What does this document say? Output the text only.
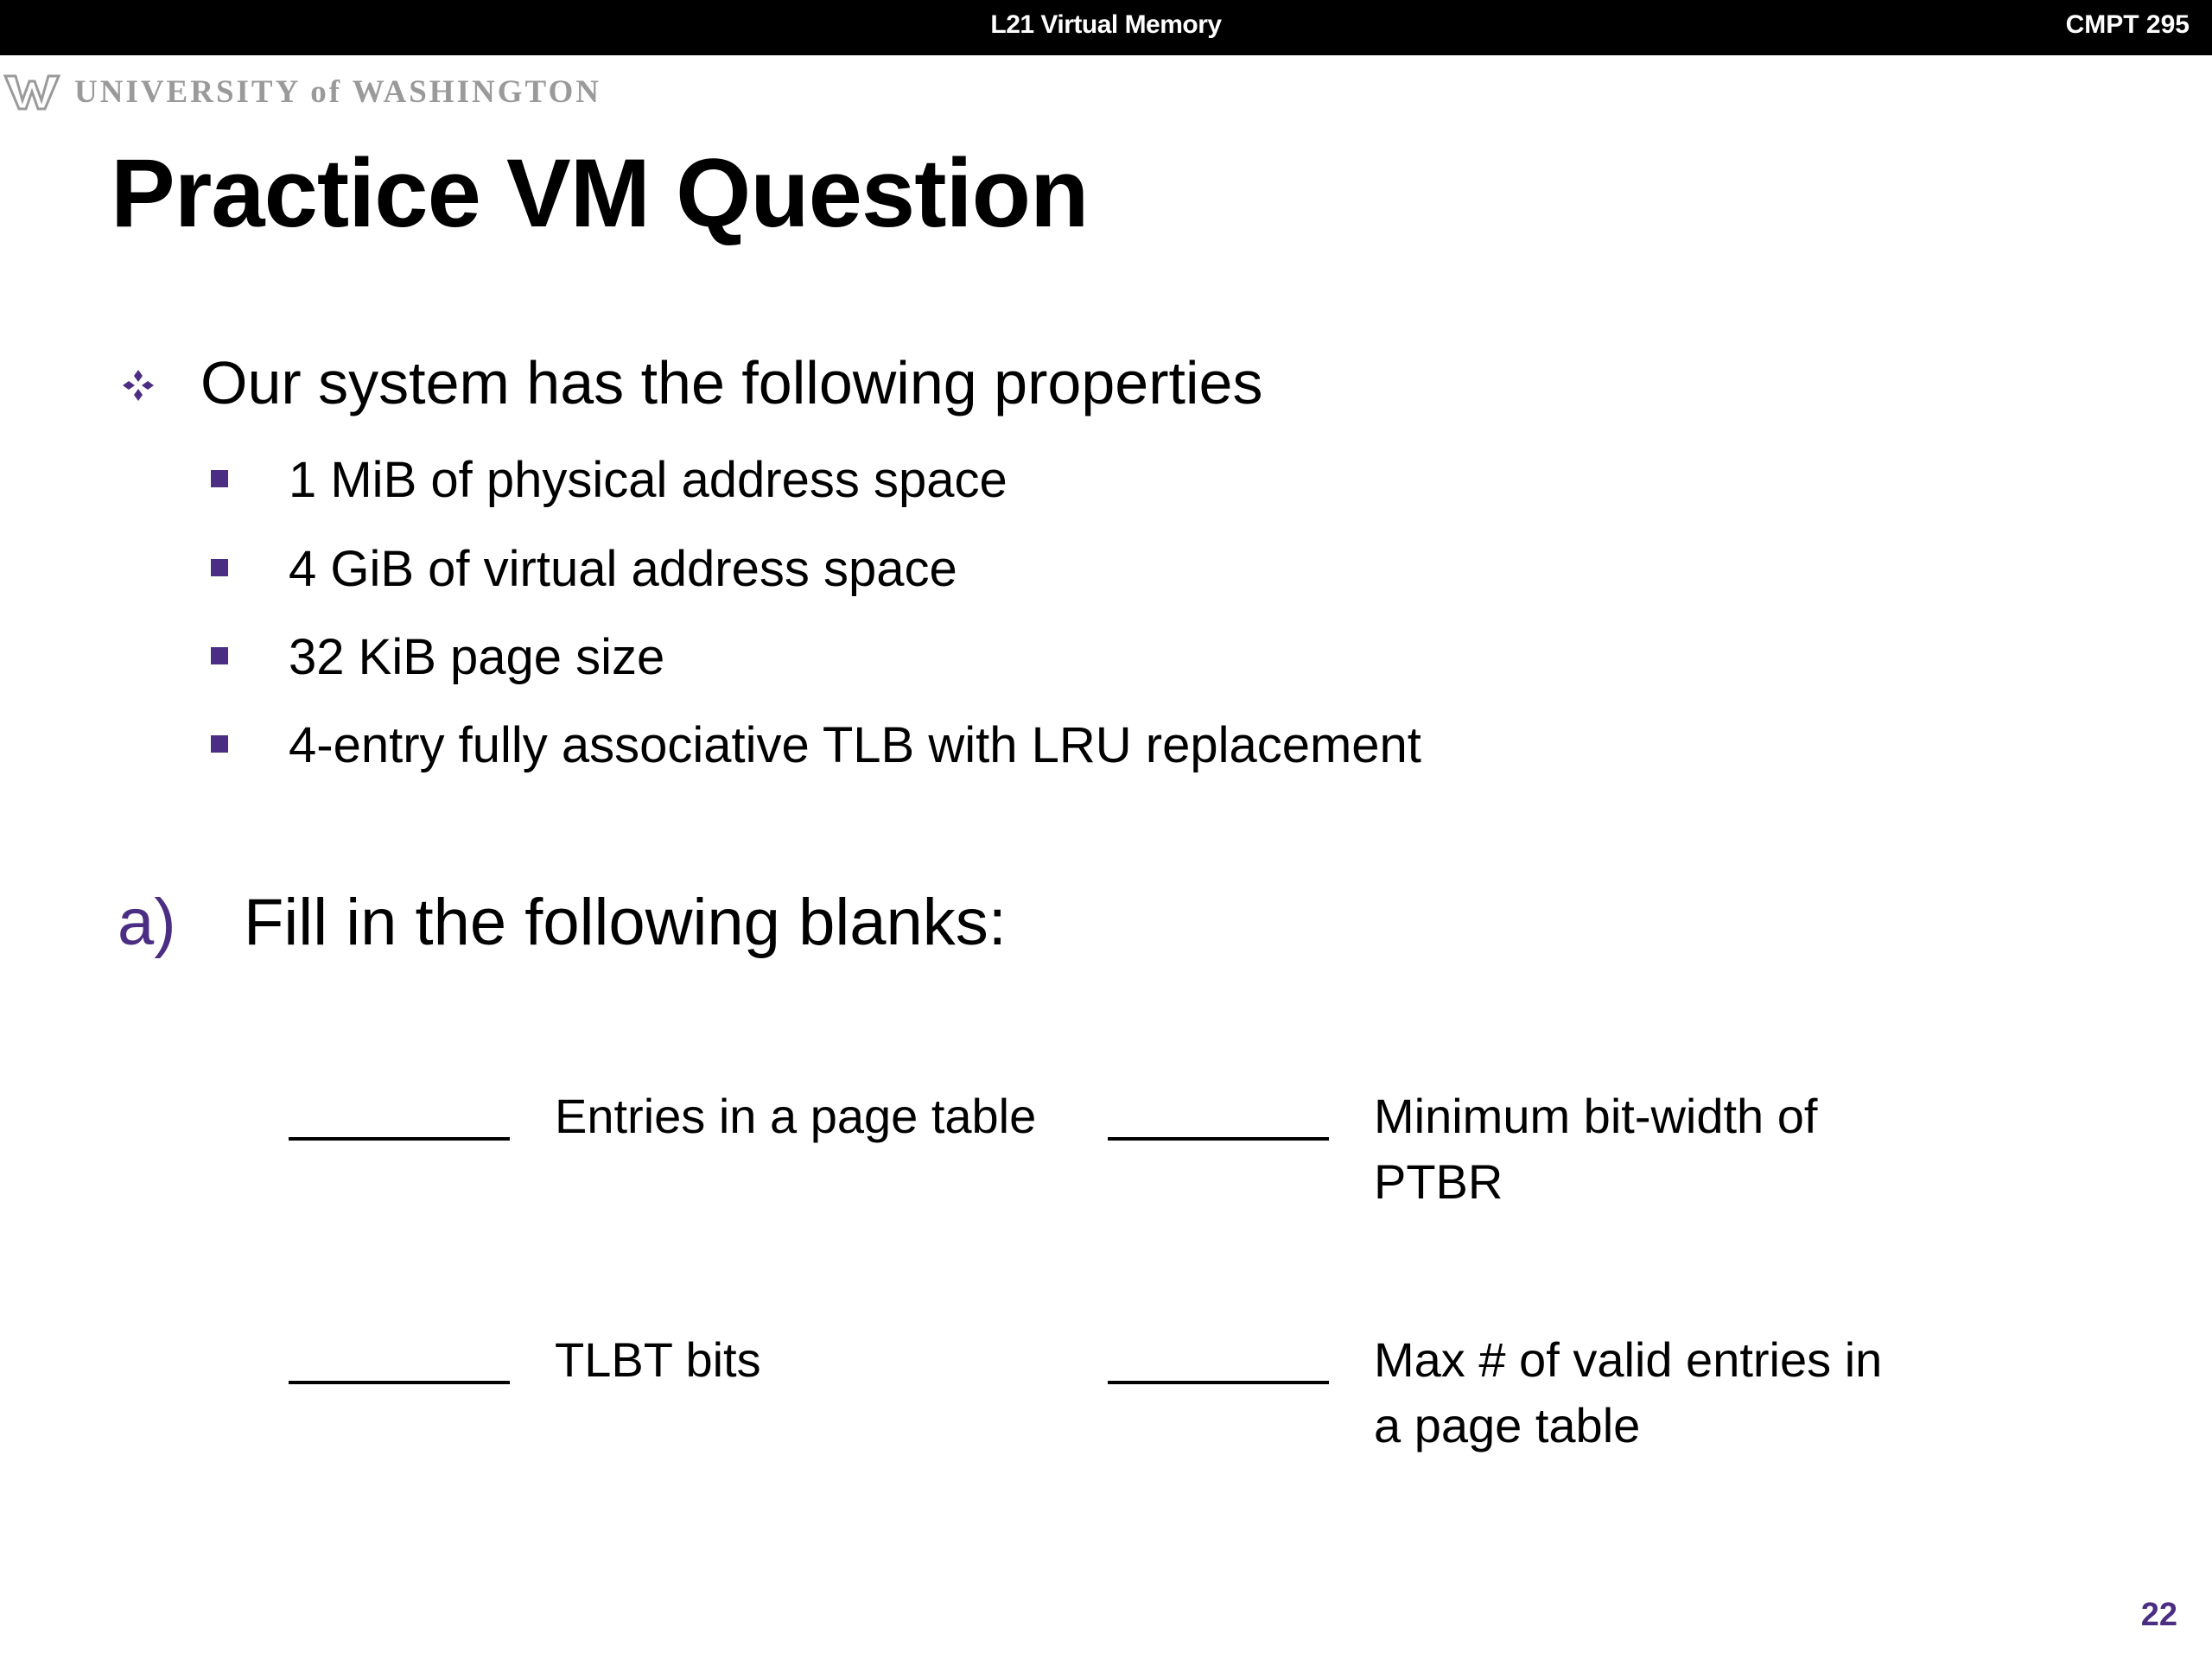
L21 Virtual Memory	CMPT 295
UNIVERSITY of WASHINGTON
Practice VM Question
Our system has the following properties
1 MiB of physical address space
4 GiB of virtual address space
32 KiB page size
4-entry fully associative TLB with LRU replacement
a) Fill in the following blanks:
Entries in a page table	Minimum bit-width of PTBR
TLBT bits	Max # of valid entries in a page table
22
